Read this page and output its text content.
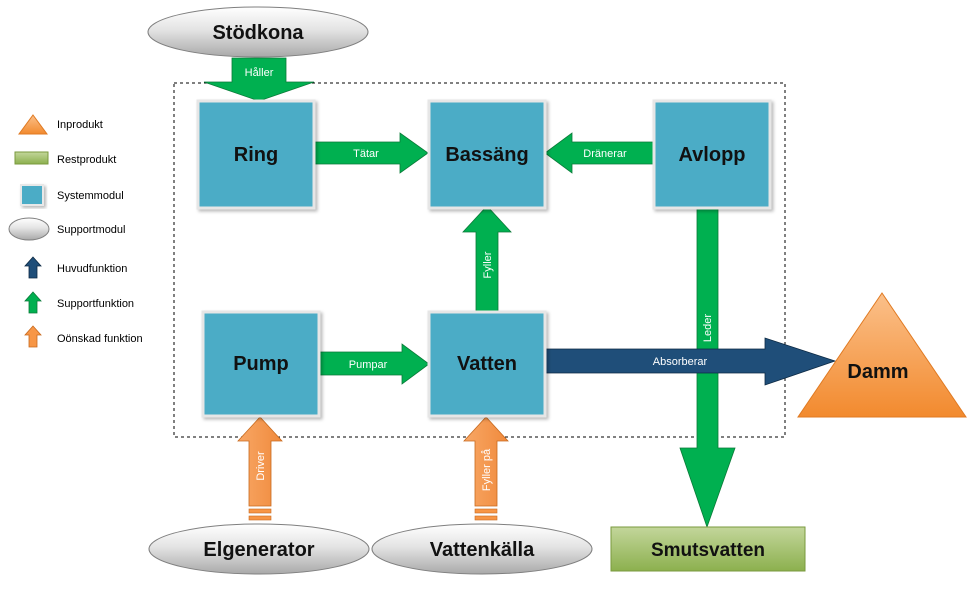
Inprodukt
Restprodukt
Systemmodul
Supportmodul
Huvudfunktion
Supportfunktion
Oönskad funktion
Stödkona
Elgenerator	Vattenkälla
Håller
Tätar	Dränerar
Fyller
Pumpar	Absorberar
Leder
Driver	Fyller på
Ring	Bassäng	Avlopp
Pump	Vatten	Damm
Smutsvatten
